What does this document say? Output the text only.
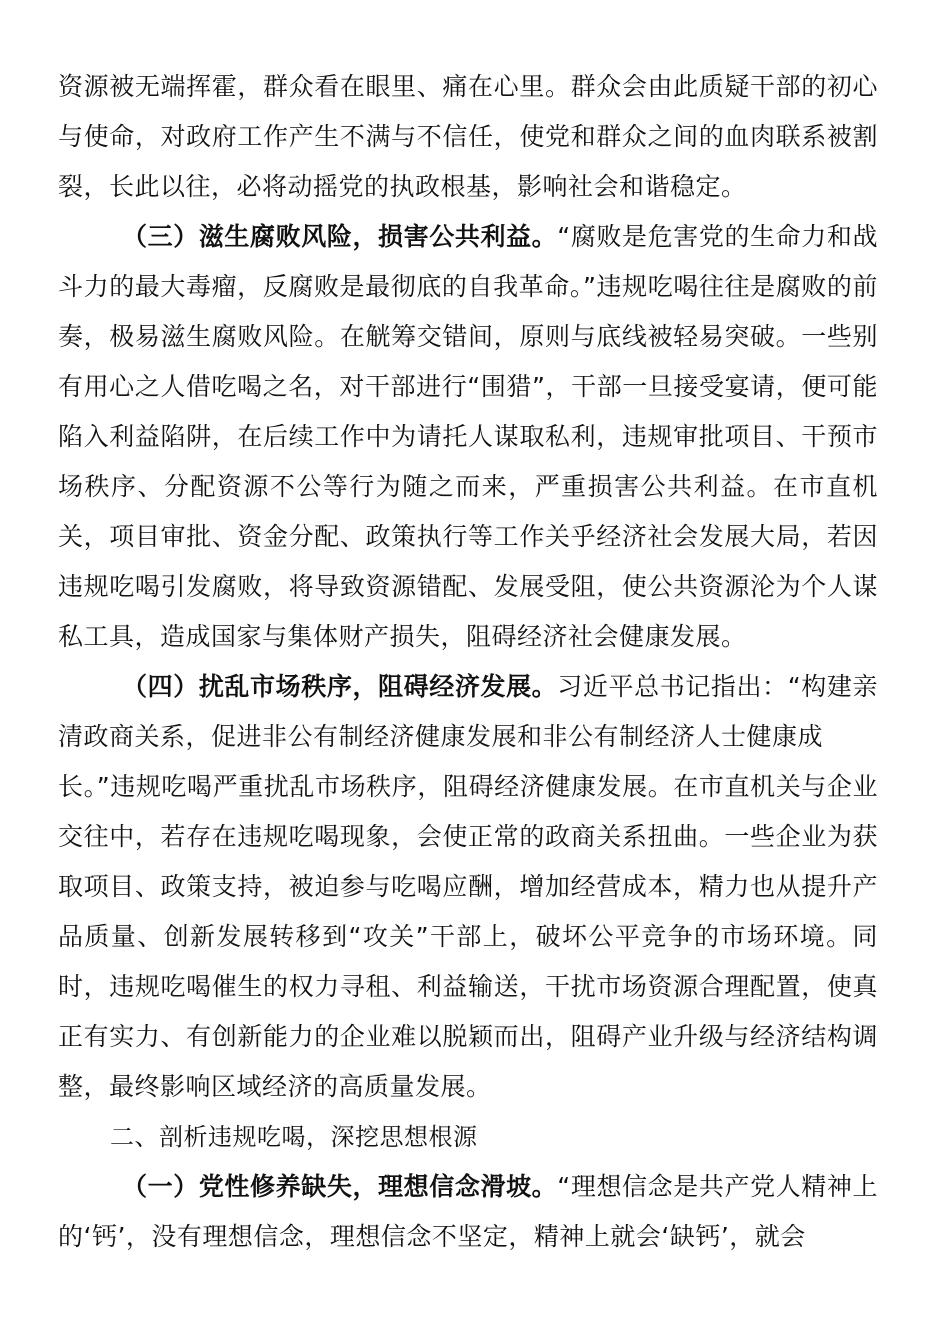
资源被无端挥霍，群众看在眼里、痛在心里。群众会由此质疑干部的初心与使命，对政府工作产生不满与不信任，使党和群众之间的血肉联系被割裂，长此以往，必将动摇党的执政根基，影响社会和谐稳定。

（三）滋生腐败风险，损害公共利益。“腐败是危害党的生命力和战斗力的最大毒瘤，反腐败是最彻底的自我革命。”违规吃喝往往是腐败的前奏，极易滋生腐败风险。在觥筹交错间，原则与底线被轻易突破。一些别有用心之人借吃喝之名，对干部进行“围猎”，干部一旦接受宴请，便可能陷入利益陷阱，在后续工作中为请托人谋取私利，违规审批项目、干预市场秩序、分配资源不公等行为随之而来，严重损害公共利益。在市直机关，项目审批、资金分配、政策执行等工作关乎经济社会发展大局，若因违规吃喝引发腐败，将导致资源错配、发展受阻，使公共资源沦为个人谋私工具，造成国家与集体财产损失，阻碍经济社会健康发展。

（四）扰乱市场秩序，阻碍经济发展。习近平总书记指出：“构建亲清政商关系，促进非公有制经济健康发展和非公有制经济人士健康成
长。”违规吃喝严重扰乱市场秩序，阻碍经济健康发展。在市直机关与企业交往中，若存在违规吃喝现象，会使正常的政商关系扭曲。一些企业为获取项目、政策支持，被迫参与吃喝应酬，增加经营成本，精力也从提升产品质量、创新发展转移到“攻关”干部上，破坏公平竞争的市场环境。同时，违规吃喝催生的权力寻租、利益输送，干扰市场资源合理配置，使真正有实力、有创新能力的企业难以脱颖而出，阻碍产业升级与经济结构调整，最终影响区域经济的高质量发展。

二、剖析违规吃喝，深挖思想根源

（一）党性修养缺失，理想信念滑坡。“理想信念是共产党人精神上的‘钙’，没有理想信念，理想信念不坚定，精神上就会‘缺钙’，就会
